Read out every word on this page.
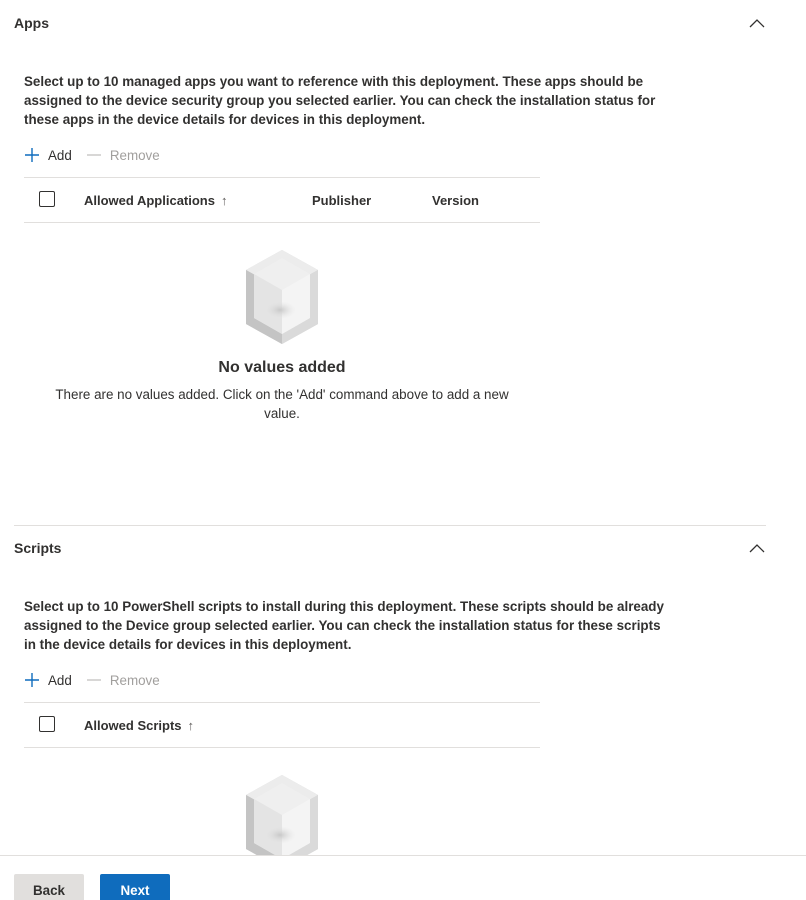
Apps
Select up to 10 managed apps you want to reference with this deployment. These apps should be assigned to the device security group you selected earlier. You can check the installation status for these apps in the device details for devices in this deployment.
Add	Remove
Allowed Applications ↑	Publisher	Version
No values added
There are no values added. Click on the 'Add' command above to add a new value.
Scripts
Select up to 10 PowerShell scripts to install during this deployment. These scripts should be already assigned to the Device group selected earlier. You can check the installation status for these scripts in the device details for devices in this deployment.
Add	Remove
Allowed Scripts ↑
Back	Next
